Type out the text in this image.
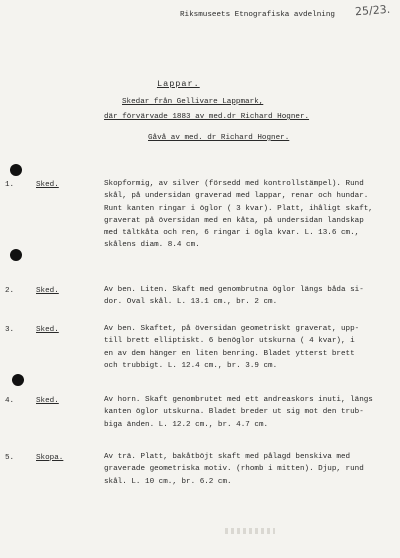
Riksmuseets Etnografiska avdelning 25/23.
Lappar.
Skedar från Gellivare Lappmark,
där förvärvade 1883 av med.dr Richard Hogner.
Gåvå av med. dr Richard Hogner.
1.	Sked.	Skopformig, av silver (försedd med kontrollstämpel). Rund
skål, på undersidan graverad med lappar, renar och hundar.
Runt kanten ringar i öglor ( 3 kvar). Platt, ihåligt skaft,
graverat på översidan med en kåta, på undersidan landskap
med tältkåta och ren, 6 ringar i ögla kvar. L. 13.6 cm.,
skålens diam. 8.4 cm.
2.	Sked.	Av ben. Liten. Skaft med genombrutna öglor längs båda si-
dor. Oval skål. L. 13.1 cm., br. 2 cm.
3.	Sked.	Av ben. Skaftet, på översidan geometriskt graverat, upp-
till brett elliptiskt. 6 benöglor utskurna ( 4 kvar), i
en av dem hänger en liten benring. Bladet ytterst brett
och trubbigt. L. 12.4 cm., br. 3.9 cm.
4.	Sked.	Av horn. Skaft genombrutet med ett andreaskors inuti, längs
kanten öglor utskurna. Bladet breder ut sig mot den trub-
biga änden. L. 12.2 cm., br. 4.7 cm.
5.	Skopa.	Av trä. Platt, bakåtböjt skaft med pålagd benskiva med
graverade geometriska motiv. (rhomb i mitten). Djup, rund
skål. L. 10 cm., br. 6.2 cm.
